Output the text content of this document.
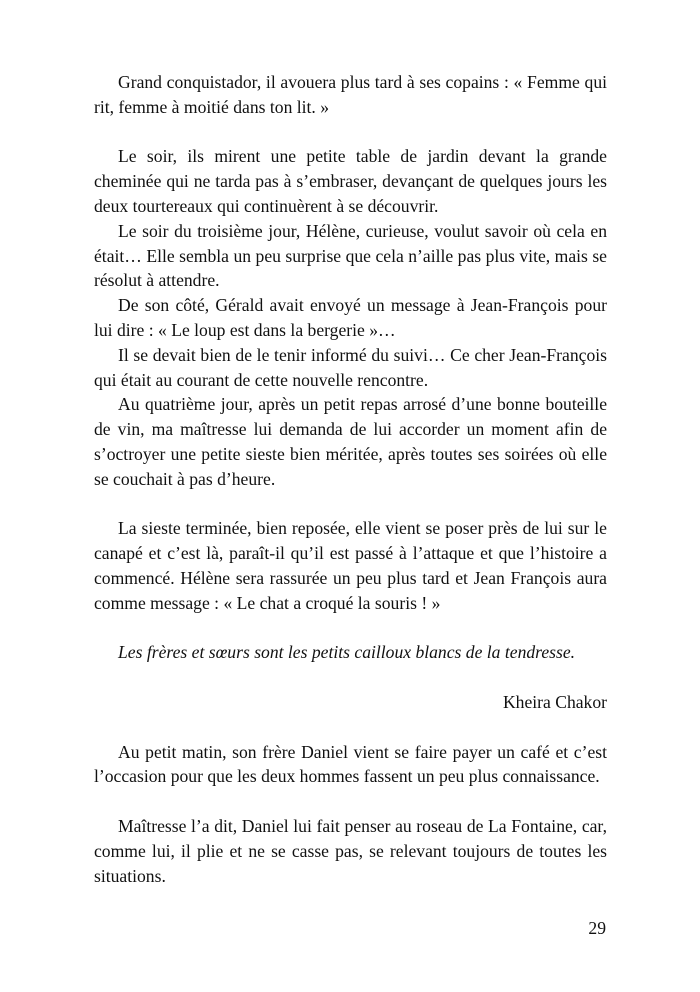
Grand conquistador, il avouera plus tard à ses copains : « Femme qui rit, femme à moitié dans ton lit. »

Le soir, ils mirent une petite table de jardin devant la grande cheminée qui ne tarda pas à s’embraser, devançant de quelques jours les deux tourtereaux qui continuèrent à se découvrir.

Le soir du troisième jour, Hélène, curieuse, voulut savoir où cela en était… Elle sembla un peu surprise que cela n’aille pas plus vite, mais se résolut à attendre.

De son côté, Gérald avait envoyé un message à Jean-François pour lui dire : « Le loup est dans la bergerie »…

Il se devait bien de le tenir informé du suivi… Ce cher Jean-François qui était au courant de cette nouvelle rencontre.

Au quatrième jour, après un petit repas arrosé d’une bonne bouteille de vin, ma maîtresse lui demanda de lui accorder un moment afin de s’octroyer une petite sieste bien méritée, après toutes ses soirées où elle se couchait à pas d’heure.

La sieste terminée, bien reposée, elle vient se poser près de lui sur le canapé et c’est là, paraît-il qu’il est passé à l’attaque et que l’histoire a commencé. Hélène sera rassurée un peu plus tard et Jean François aura comme message : « Le chat a croqué la souris ! »

Les frères et sœurs sont les petits cailloux blancs de la tendresse.

Kheira Chakor

Au petit matin, son frère Daniel vient se faire payer un café et c’est l’occasion pour que les deux hommes fassent un peu plus connaissance.

Maîtresse l’a dit, Daniel lui fait penser au roseau de La Fontaine, car, comme lui, il plie et ne se casse pas, se relevant toujours de toutes les situations.

29
